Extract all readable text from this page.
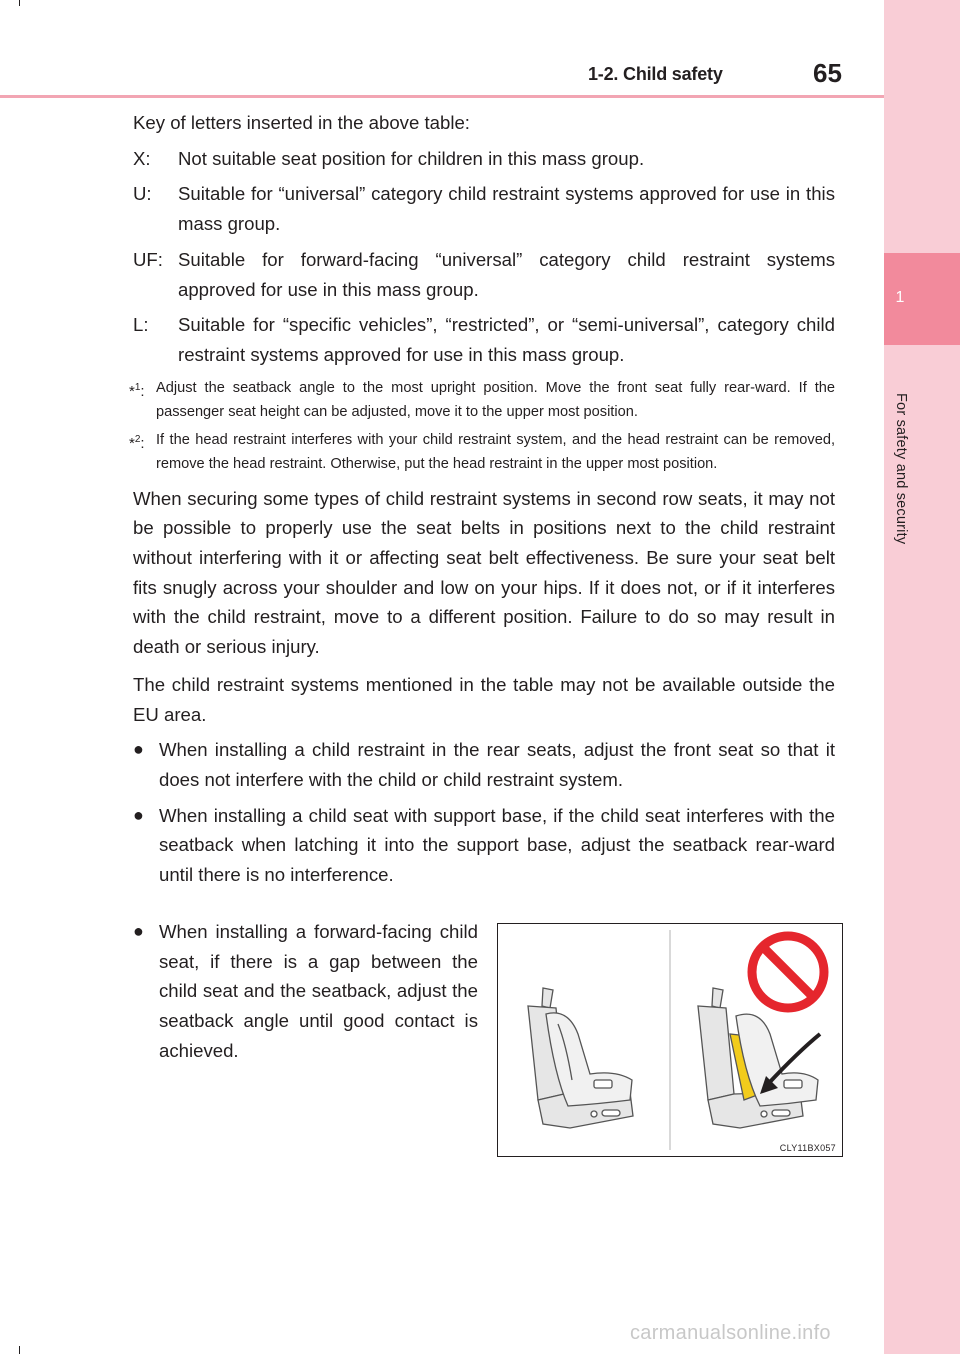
1-2. Child safety	65
1
For safety and security

Key of letters inserted in the above table:

X:	Not suitable seat position for children in this mass group.
U:	Suitable for “universal” category child restraint systems approved for use in this mass group.
UF: Suitable for forward-facing “universal” category child restraint systems approved for use in this mass group.
L:	Suitable for “specific vehicles”, “restricted”, or “semi-universal”, category child restraint systems approved for use in this mass group.
*$^1$: Adjust the seatback angle to the most upright position. Move the front seat fully rear-ward. If the passenger seat height can be adjusted, move it to the upper most position.
*$^2$: If the head restraint interferes with your child restraint system, and the head restraint can be removed, remove the head restraint. Otherwise, put the head restraint in the upper most position.

When securing some types of child restraint systems in second row seats, it may not be possible to properly use the seat belts in positions next to the child restraint without interfering with it or affecting seat belt effectiveness. Be sure your seat belt fits snugly across your shoulder and low on your hips. If it does not, or if it interferes with the child restraint, move to a different position. Failure to do so may result in death or serious injury.

The child restraint systems mentioned in the table may not be available outside the EU area.

● When installing a child restraint in the rear seats, adjust the front seat so that it does not interfere with the child or child restraint system.
● When installing a child seat with support base, if the child seat interferes with the seatback when latching it into the support base, adjust the seatback rear-ward until there is no interference.
● When installing a forward-facing child seat, if there is a gap between the child seat and the seatback, adjust the seatback angle until good contact is achieved.
CLY11BX057
carmanualsonline.info
